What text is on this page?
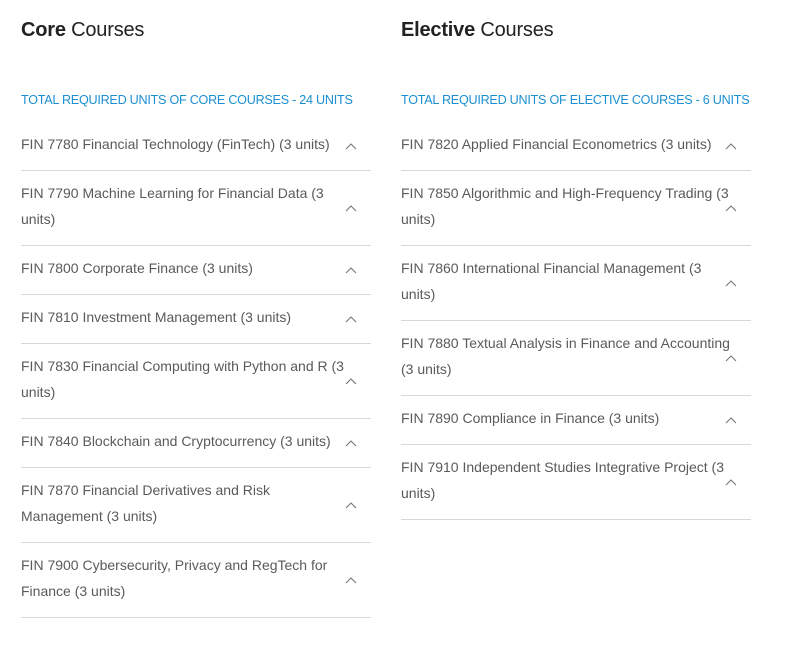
Core Courses

TOTAL REQUIRED UNITS OF CORE COURSES - 24 UNITS

FIN 7780 Financial Technology (FinTech) (3 units)
FIN 7790 Machine Learning for Financial Data (3 units)
FIN 7800 Corporate Finance (3 units)
FIN 7810 Investment Management (3 units)
FIN 7830 Financial Computing with Python and R (3 units)
FIN 7840 Blockchain and Cryptocurrency (3 units)
FIN 7870 Financial Derivatives and Risk Management (3 units)
FIN 7900 Cybersecurity, Privacy and RegTech for Finance (3 units)
Elective Courses

TOTAL REQUIRED UNITS OF ELECTIVE COURSES - 6 UNITS

FIN 7820 Applied Financial Econometrics (3 units)
FIN 7850 Algorithmic and High-Frequency Trading (3 units)
FIN 7860 International Financial Management (3 units)
FIN 7880 Textual Analysis in Finance and Accounting (3 units)
FIN 7890 Compliance in Finance (3 units)
FIN 7910 Independent Studies Integrative Project (3 units)
